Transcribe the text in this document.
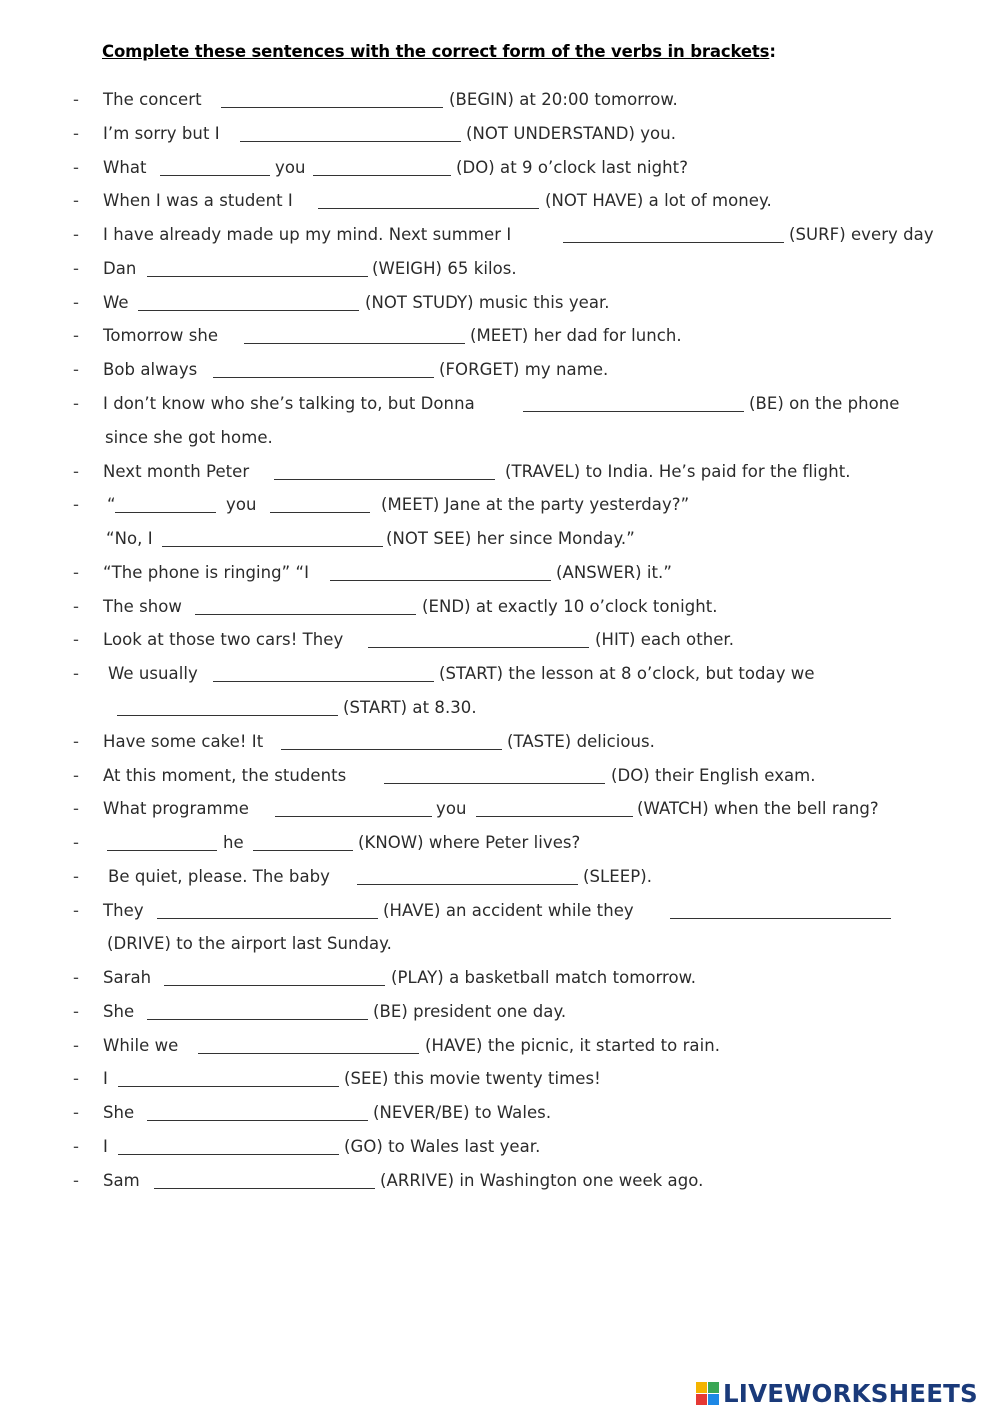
Complete these sentences with the correct form of the verbs in brackets:
- The concert	(BEGIN) at 20:00 tomorrow.
- I’m sorry but I	(NOT UNDERSTAND) you.
- What	you	(DO) at 9 o’clock last night?
- When I was a student I	(NOT HAVE) a lot of money.
- I have already made up my mind. Next summer I	(SURF) every day
- Dan	(WEIGH) 65 kilos.
- We	(NOT STUDY) music this year.
- Tomorrow she	(MEET) her dad for lunch.
- Bob always	(FORGET) my name.
- I don’t know who she’s talking to, but Donna	(BE) on the phone
since she got home.
- Next month Peter	(TRAVEL) to India. He’s paid for the flight.
- “	you	(MEET) Jane at the party yesterday?”
“No, I	(NOT SEE) her since Monday.”
- “The phone is ringing” “I	(ANSWER) it.”
- The show	(END) at exactly 10 o’clock tonight.
- Look at those two cars! They	(HIT) each other.
- We usually	(START) the lesson at 8 o’clock, but today we
(START) at 8.30.
- Have some cake! It	(TASTE) delicious.
- At this moment, the students	(DO) their English exam.
- What programme	you	(WATCH) when the bell rang?
-	he	(KNOW) where Peter lives?
- Be quiet, please. The baby	(SLEEP).
- They	(HAVE) an accident while they
(DRIVE) to the airport last Sunday.
- Sarah	(PLAY) a basketball match tomorrow.
- She	(BE) president one day.
- While we	(HAVE) the picnic, it started to rain.
- I	(SEE) this movie twenty times!
- She	(NEVER/BE) to Wales.
- I	(GO) to Wales last year.
- Sam	(ARRIVE) in Washington one week ago.
LIVEWORKSHEETS
